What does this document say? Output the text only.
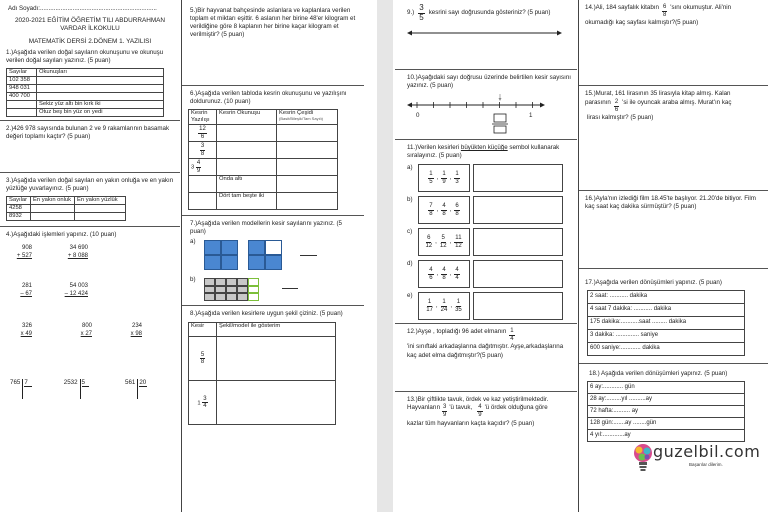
Adı Soyadı:....................................................................
2020-2021 EĞİTİM ÖĞRETİM TILI ABDURRAHMAN VARDAR İLKOKULU
MATEMATİK DERSİ 2.DÖNEM 1. YAZILISI
1.)Aşağıda verilen doğal sayıların okunuşunu ve okunuşu verilen doğal sayıları yazınız. (5 puan)
Sayılar	Okunuşları
102 358	
948 031	
400 700	
	Sekiz yüz altı bin kırk iki
	Otuz beş bin yüz on yedi
2.)426 978 sayısında bulunan 2 ve 9 rakamlarının basamak değeri toplamı kaçtır? (5 puan)
3.)Aşağıda verilen doğal sayıları en yakın onluğa ve en yakın yüzlüğe yuvarlayınız. (5 puan)
Sayılar	En yakın onluk	En yakın yüzlük
4258		
8932		
4.)Aşağıdaki işlemleri yapınız. (10 puan)
908
+ 527
34 690
+ 8 088
281
– 67
54 003
– 12 424
326
x 49
800
x 27
234
x 98
765 7	2532 5	561 20
5.)Bir hayvanat bahçesinde aslanlara ve kaplanlara verilen toplam et miktarı eşittir. 6 aslanın her birine 48'er kilogram et verildiğine göre 8 kaplanın her birine kaçar kilogram et verilmiştir? (5 puan)
6.)Aşağıda verilen tabloda kesrin okunuşunu ve yazılışını doldurunuz. (10 puan)
Kesrin Yazılışı	Kesrin Okunuşu	Kesrin Çeşidi
(Basit/Bileşik/Tam Sayılı)

$\frac{12}{6}$

$\frac{3}{8}$

$3 \frac{4}{9}$

	Onda altı	
	Dört tam beşte iki	
7.)Aşağıda verilen modellerin kesir sayılarını yazınız. (5 puan)
a)
b)
8.)Aşağıda verilen kesirlere uygun şekil çiziniz. (5 puan)
Kesir	Şekil/model ile gösterim

$\frac{5}{8}$

$1 \frac{3}{4}$

$9.) \frac{3}{5}$ kesrini sayı doğrusunda gösteriniz? (5 puan)
10.)Aşağıdaki sayı doğrusu üzerinde belirtilen kesir sayısını yazınız. (5 puan)
0	1
11.)Verilen kesirleri büyükten küçüğe sembol kullanarak sıralayınız. (5 puan)
a)
$\frac{1}{5}$ , $\frac{1}{9}$ , $\frac{1}{3}$
b)
$\frac{7}{8}$ , $\frac{4}{8}$ , $\frac{6}{8}$
c)
$\frac{6}{12}$ , $\frac{5}{12}$ , $\frac{11}{12}$
d)
$\frac{4}{6}$ , $\frac{4}{8}$ , $\frac{4}{4}$
e)
$\frac{1}{17}$ , $\frac{1}{24}$ , $\frac{1}{35}$
12.)Ayşe , topladığı 96 adet elmanın $\frac{1}{4}$
'ini sınıftaki arkadaşlarına dağıtmıştır. Ayşe,arkadaşlarına kaç adet elma dağıtmıştır?(5 puan)
13.)Bir çiftlikte tavuk, ördek ve kaz yetiştirilmektedir.
Hayvanların $\frac{3}{9}$ 'ü tavuk, $\frac{4}{9}$ 'ü ördek olduğuna göre
kazlar tüm hayvanların kaçta kaçıdır? (5 puan)
14.)Ali, 184 sayfalık kitabın $\frac{6}{8}$ 'sını okumuştur. Ali'nin
okumadığı kaç sayfası kalmıştır?(5 puan)
15.)Murat, 161 lirasının 35 lirasıyla kitap almış. Kalan
parasının $\frac{2}{6}$ 'si ile oyuncak araba almış. Murat'ın kaç
lirası kalmıştır? (5 puan)
16.)Ayla'nın izlediği film 18.45'te başlıyor. 21.20'de bitiyor. Film kaç saat kaç dakika sürmüştür? (5 puan)
17.)Aşağıda verilen dönüşümleri yapınız. (5 puan)
2 saat: ........... dakika
4 saat 7 dakika: ........... dakika
175 dakika:...........saat ......... dakika
3 dakika: .............. saniye
600 saniye:............ dakika
18.) Aşağıda verilen dönüşümleri yapınız. (5 puan)
6 ay:............ gün
28 ay:.........yıl ..........ay
72 hafta:.......... ay
128 gün:.......ay ........gün
4 yıl:.............ay
guzelbil.com
Başarılar dilerim.
